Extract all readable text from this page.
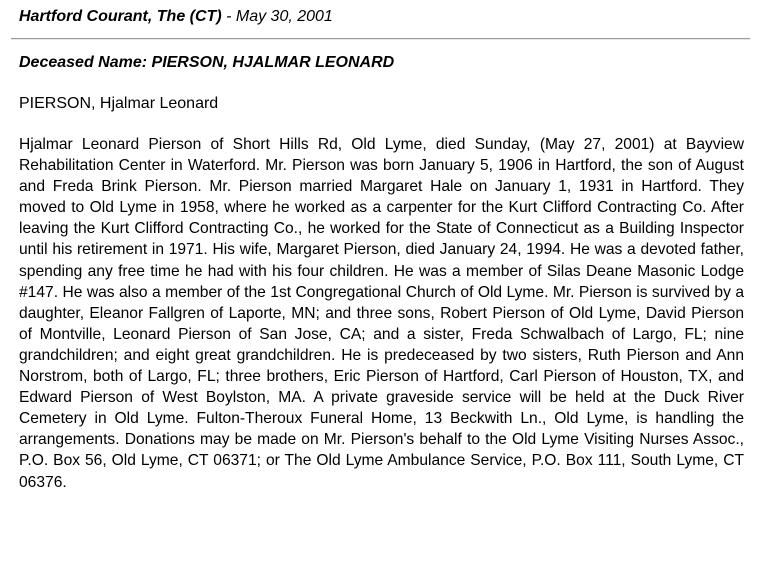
Hartford Courant, The (CT) - May 30, 2001
Deceased Name: PIERSON, HJALMAR LEONARD
PIERSON, Hjalmar Leonard
Hjalmar Leonard Pierson of Short Hills Rd, Old Lyme, died Sunday, (May 27, 2001) at Bayview Rehabilitation Center in Waterford. Mr. Pierson was born January 5, 1906 in Hartford, the son of August and Freda Brink Pierson. Mr. Pierson married Margaret Hale on January 1, 1931 in Hartford. They moved to Old Lyme in 1958, where he worked as a carpenter for the Kurt Clifford Contracting Co. After leaving the Kurt Clifford Contracting Co., he worked for the State of Connecticut as a Building Inspector until his retirement in 1971. His wife, Margaret Pierson, died January 24, 1994. He was a devoted father, spending any free time he had with his four children. He was a member of Silas Deane Masonic Lodge #147. He was also a member of the 1st Congregational Church of Old Lyme. Mr. Pierson is survived by a daughter, Eleanor Fallgren of Laporte, MN; and three sons, Robert Pierson of Old Lyme, David Pierson of Montville, Leonard Pierson of San Jose, CA; and a sister, Freda Schwalbach of Largo, FL; nine grandchildren; and eight great grandchildren. He is predeceased by two sisters, Ruth Pierson and Ann Norstrom, both of Largo, FL; three brothers, Eric Pierson of Hartford, Carl Pierson of Houston, TX, and Edward Pierson of West Boylston, MA. A private graveside service will be held at the Duck River Cemetery in Old Lyme. Fulton-Theroux Funeral Home, 13 Beckwith Ln., Old Lyme, is handling the arrangements. Donations may be made on Mr. Pierson's behalf to the Old Lyme Visiting Nurses Assoc., P.O. Box 56, Old Lyme, CT 06371; or The Old Lyme Ambulance Service, P.O. Box 111, South Lyme, CT 06376.
